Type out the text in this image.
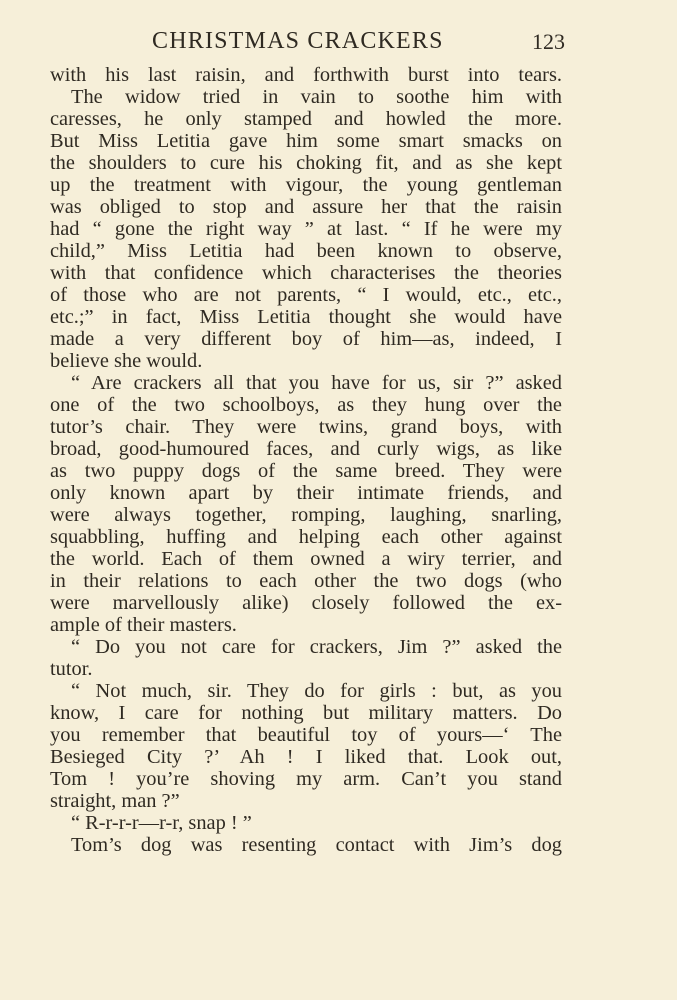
CHRISTMAS CRACKERS	123
with his last raisin, and forthwith burst into tears.
The widow tried in vain to soothe him with
caresses, he only stamped and howled the more.
But Miss Letitia gave him some smart smacks on
the shoulders to cure his choking fit, and as she kept
up the treatment with vigour, the young gentleman
was obliged to stop and assure her that the raisin
had “ gone the right way ” at last. “ If he were my
child,” Miss Letitia had been known to observe,
with that confidence which characterises the theories
of those who are not parents, “ I would, etc., etc.,
etc.;” in fact, Miss Letitia thought she would have
made a very different boy of him—as, indeed, I
believe she would.
“ Are crackers all that you have for us, sir ?” asked
one of the two schoolboys, as they hung over the
tutor’s chair. They were twins, grand boys, with
broad, good-humoured faces, and curly wigs, as like
as two puppy dogs of the same breed. They were
only known apart by their intimate friends, and
were always together, romping, laughing, snarling,
squabbling, huffing and helping each other against
the world. Each of them owned a wiry terrier, and
in their relations to each other the two dogs (who
were marvellously alike) closely followed the ex-
ample of their masters.
“ Do you not care for crackers, Jim ?” asked the
tutor.
“ Not much, sir. They do for girls : but, as you
know, I care for nothing but military matters. Do
you remember that beautiful toy of yours—‘ The
Besieged City ?’ Ah ! I liked that. Look out,
Tom ! you’re shoving my arm. Can’t you stand
straight, man ?”
“ R-r-r-r—r-r, snap ! ”
Tom’s dog was resenting contact with Jim’s dog
